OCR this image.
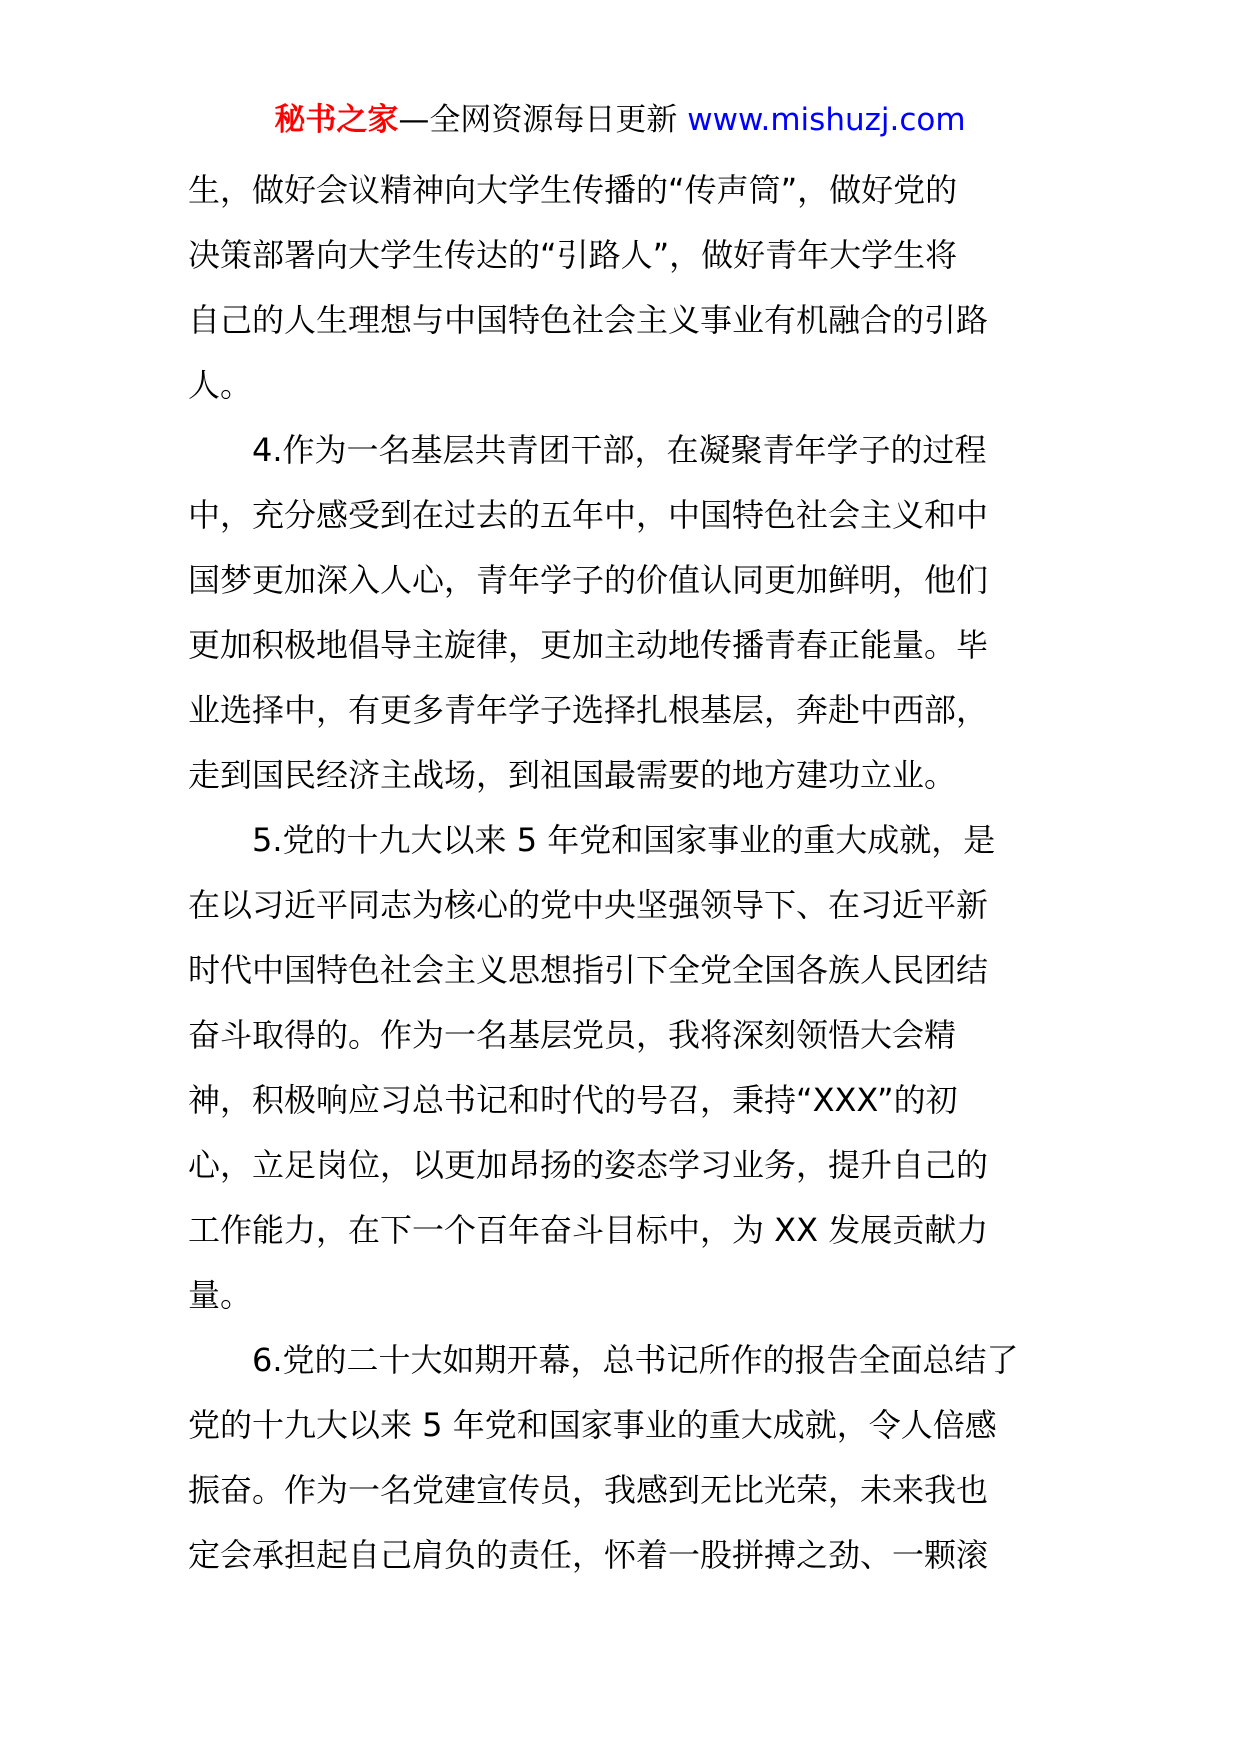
秘书之家—全网资源每日更新 www.mishuzj.com

生，做好会议精神向大学生传播的“传声筒”，做好党的
决策部署向大学生传达的“引路人”，做好青年大学生将
自己的人生理想与中国特色社会主义事业有机融合的引路
人。

4.作为一名基层共青团干部，在凝聚青年学子的过程
中，充分感受到在过去的五年中，中国特色社会主义和中
国梦更加深入人心，青年学子的价值认同更加鲜明，他们
更加积极地倡导主旋律，更加主动地传播青春正能量。毕
业选择中，有更多青年学子选择扎根基层，奔赴中西部，
走到国民经济主战场，到祖国最需要的地方建功立业。

5.党的十九大以来 5 年党和国家事业的重大成就，是
在以习近平同志为核心的党中央坚强领导下、在习近平新
时代中国特色社会主义思想指引下全党全国各族人民团结
奋斗取得的。作为一名基层党员，我将深刻领悟大会精
神，积极响应习总书记和时代的号召，秉持“XXX”的初
心，立足岗位，以更加昂扬的姿态学习业务，提升自己的
工作能力，在下一个百年奋斗目标中，为 XX 发展贡献力
量。

6.党的二十大如期开幕，总书记所作的报告全面总结了
党的十九大以来 5 年党和国家事业的重大成就，令人倍感
振奋。作为一名党建宣传员，我感到无比光荣，未来我也
定会承担起自己肩负的责任，怀着一股拼搏之劲、一颗滚
